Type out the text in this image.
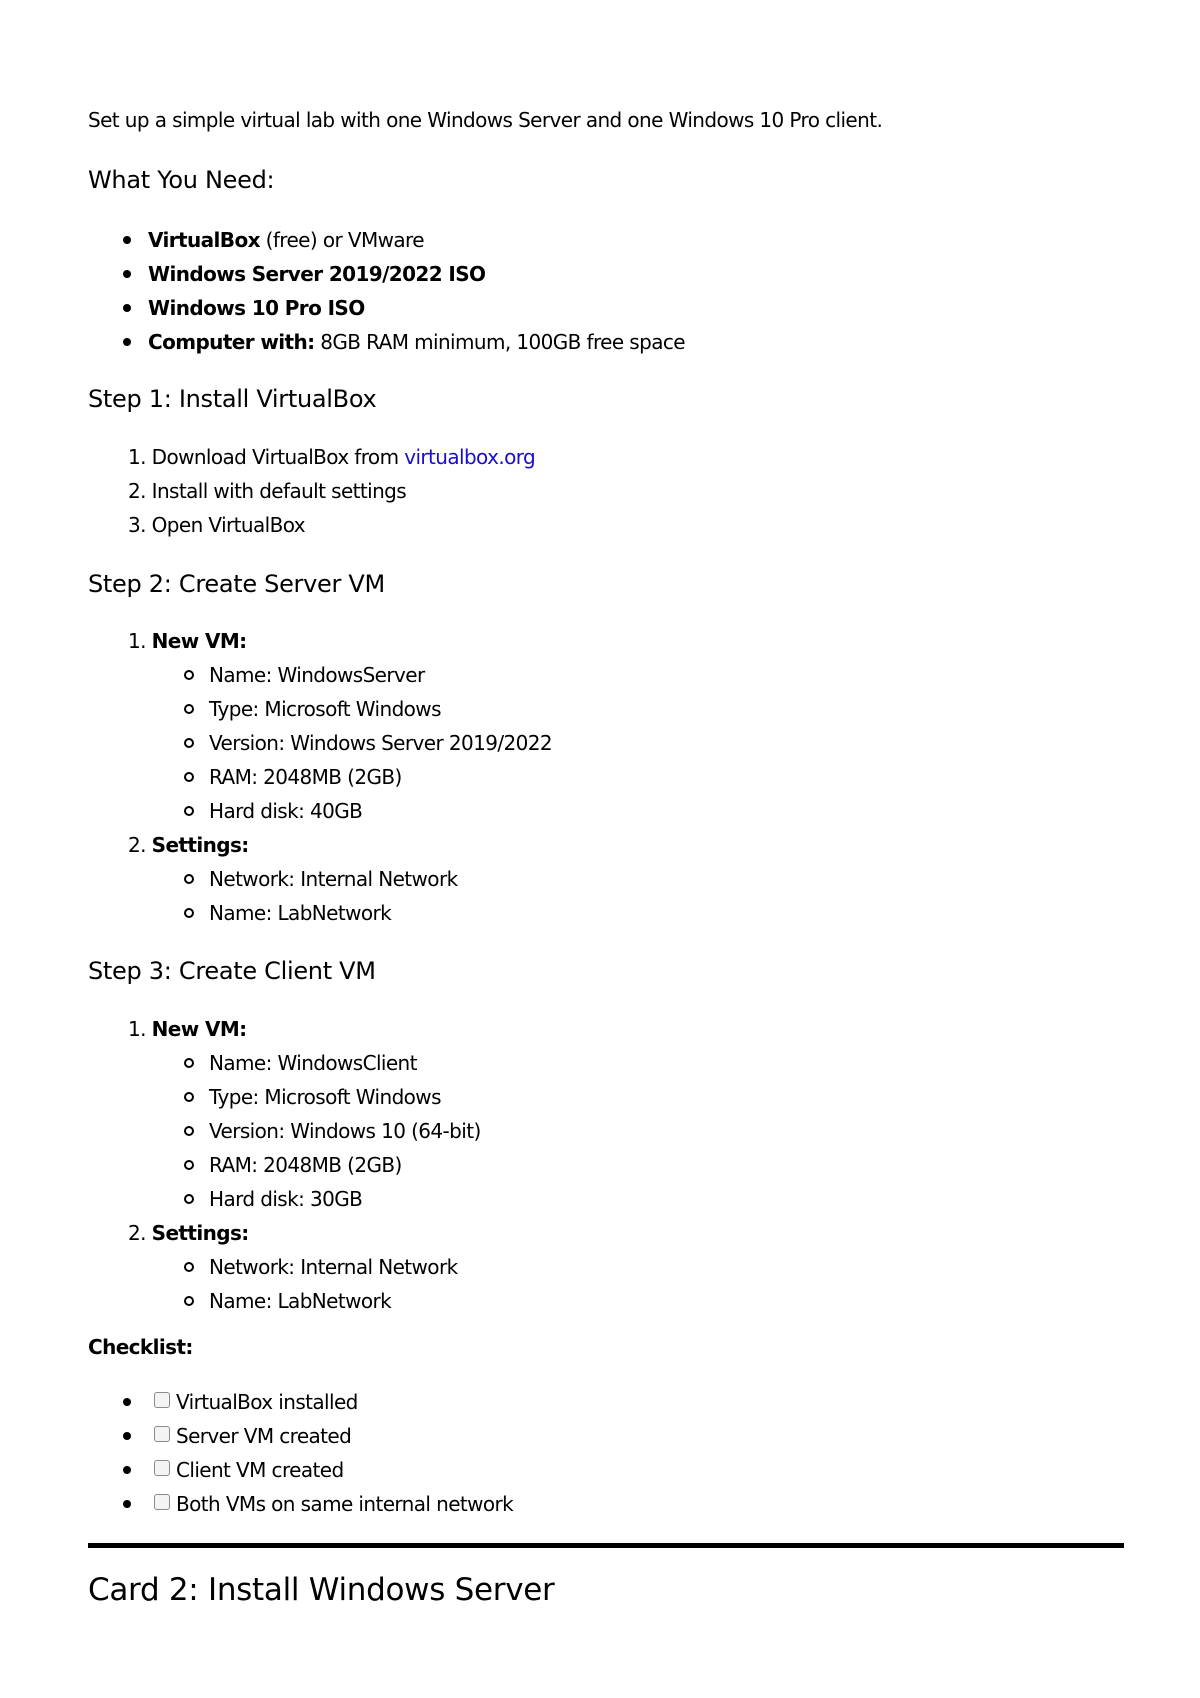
Set up a simple virtual lab with one Windows Server and one Windows 10 Pro client.
What You Need:
VirtualBox (free) or VMware
Windows Server 2019/2022 ISO
Windows 10 Pro ISO
Computer with: 8GB RAM minimum, 100GB free space
Step 1: Install VirtualBox
1. Download VirtualBox from virtualbox.org
2. Install with default settings
3. Open VirtualBox
Step 2: Create Server VM
1. New VM:
Name: WindowsServer
Type: Microsoft Windows
Version: Windows Server 2019/2022
RAM: 2048MB (2GB)
Hard disk: 40GB
2. Settings:
Network: Internal Network
Name: LabNetwork
Step 3: Create Client VM
1. New VM:
Name: WindowsClient
Type: Microsoft Windows
Version: Windows 10 (64-bit)
RAM: 2048MB (2GB)
Hard disk: 30GB
2. Settings:
Network: Internal Network
Name: LabNetwork
Checklist:
VirtualBox installed
Server VM created
Client VM created
Both VMs on same internal network
Card 2: Install Windows Server
